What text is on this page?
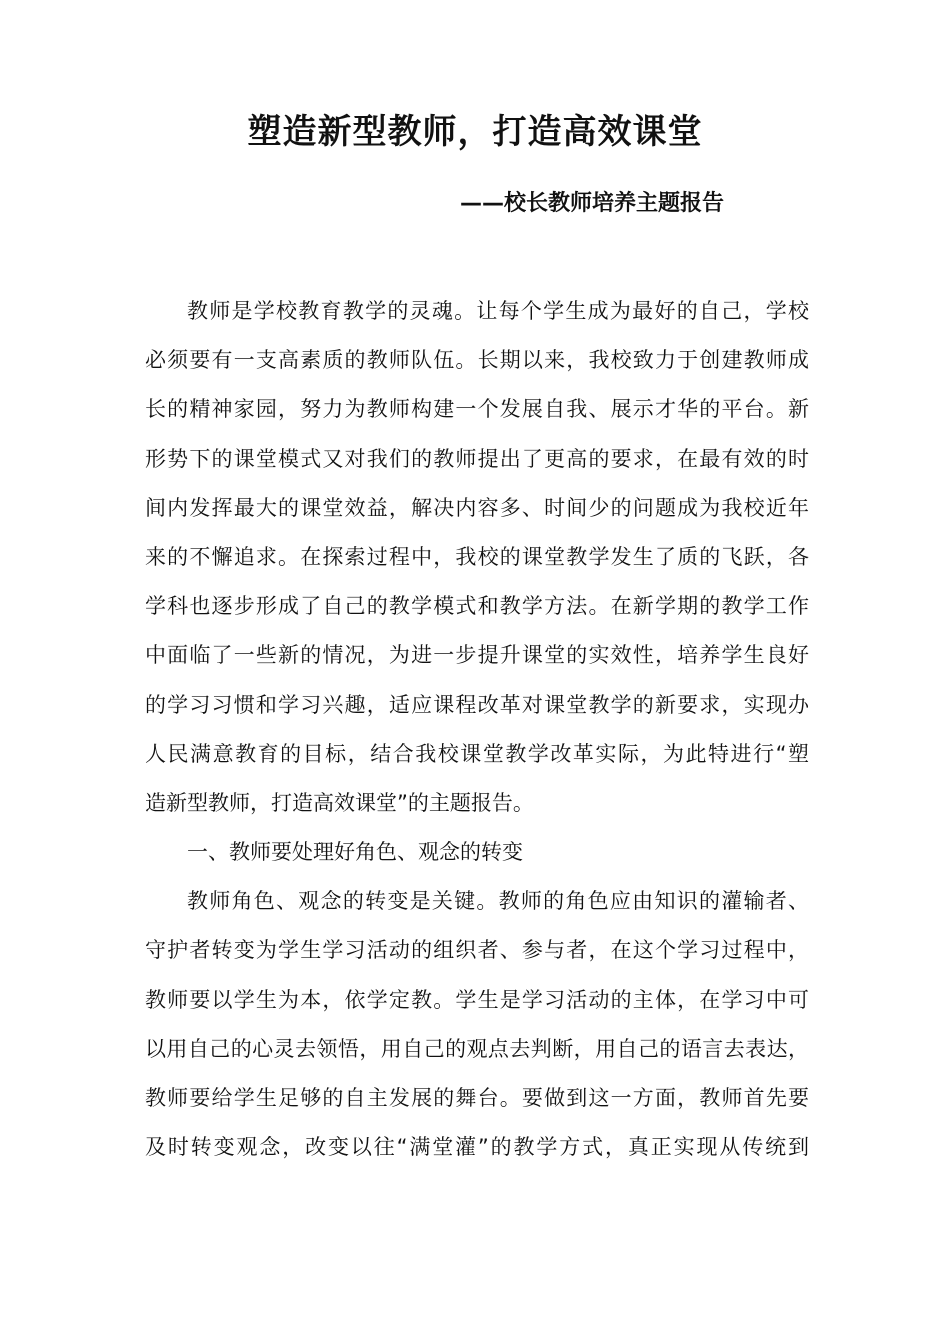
塑造新型教师，打造高效课堂
——校长教师培养主题报告
教师是学校教育教学的灵魂。让每个学生成为最好的自己，学校
必须要有一支高素质的教师队伍。长期以来，我校致力于创建教师成
长的精神家园，努力为教师构建一个发展自我、展示才华的平台。新
形势下的课堂模式又对我们的教师提出了更高的要求，在最有效的时
间内发挥最大的课堂效益，解决内容多、时间少的问题成为我校近年
来的不懈追求。在探索过程中，我校的课堂教学发生了质的飞跃，各
学科也逐步形成了自己的教学模式和教学方法。在新学期的教学工作
中面临了一些新的情况，为进一步提升课堂的实效性，培养学生良好
的学习习惯和学习兴趣，适应课程改革对课堂教学的新要求，实现办
人民满意教育的目标，结合我校课堂教学改革实际，为此特进行“塑
造新型教师，打造高效课堂”的主题报告。
一、教师要处理好角色、观念的转变
教师角色、观念的转变是关键。教师的角色应由知识的灌输者、
守护者转变为学生学习活动的组织者、参与者，在这个学习过程中，
教师要以学生为本，依学定教。学生是学习活动的主体，在学习中可
以用自己的心灵去领悟，用自己的观点去判断，用自己的语言去表达，
教师要给学生足够的自主发展的舞台。要做到这一方面，教师首先要
及时转变观念，改变以往“满堂灌”的教学方式，真正实现从传统到
